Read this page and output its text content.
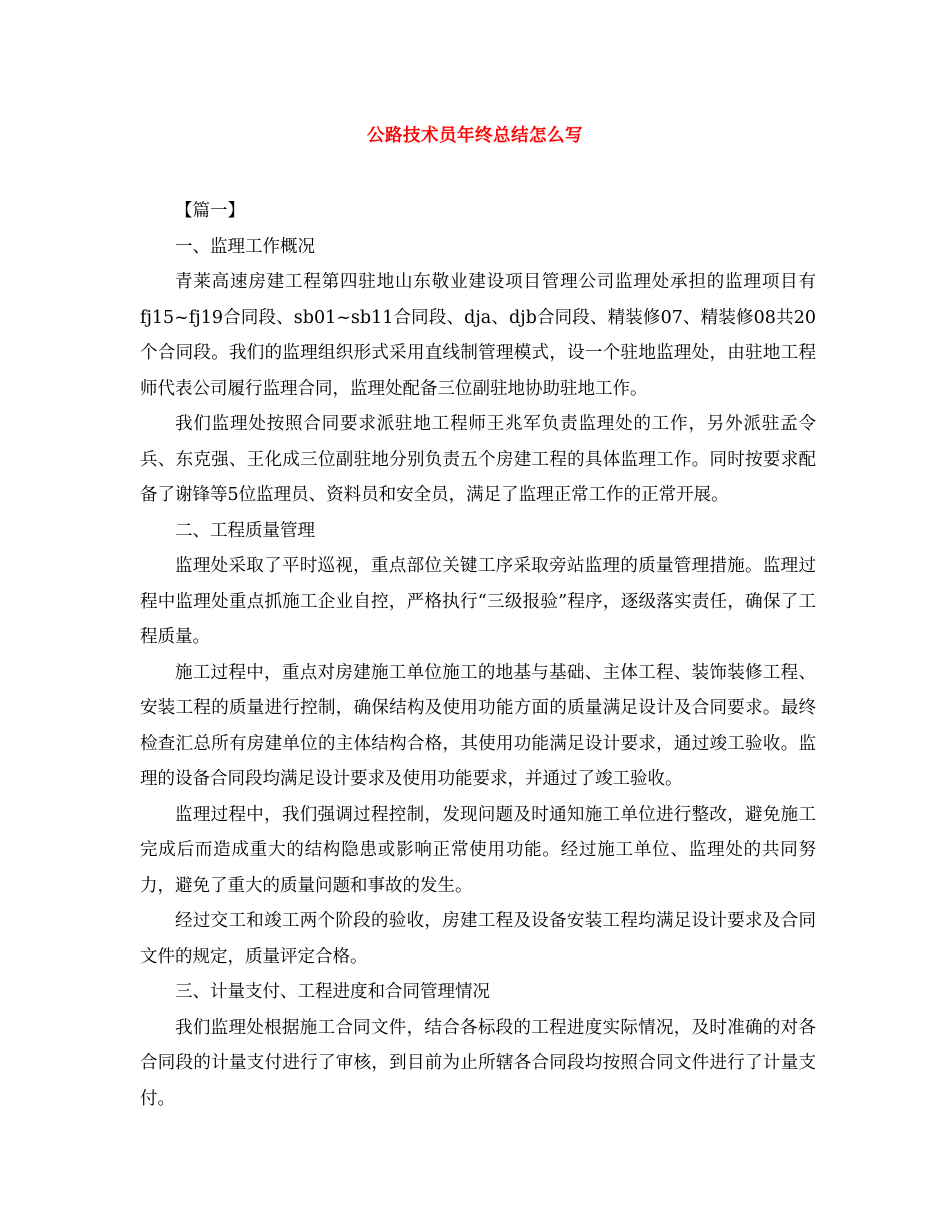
公路技术员年终总结怎么写

【篇一】

一、监理工作概况

青莱高速房建工程第四驻地山东敬业建设项目管理公司监理处承担的监理项目有fj15~fj19合同段、sb01~sb11合同段、dja、djb合同段、精装修07、精装修08共20个合同段。我们的监理组织形式采用直线制管理模式，设一个驻地监理处，由驻地工程师代表公司履行监理合同，监理处配备三位副驻地协助驻地工作。

我们监理处按照合同要求派驻地工程师王兆军负责监理处的工作，另外派驻孟令兵、东克强、王化成三位副驻地分别负责五个房建工程的具体监理工作。同时按要求配备了谢锋等5位监理员、资料员和安全员，满足了监理正常工作的正常开展。

二、工程质量管理

监理处采取了平时巡视，重点部位关键工序采取旁站监理的质量管理措施。监理过程中监理处重点抓施工企业自控，严格执行“三级报验”程序，逐级落实责任，确保了工程质量。

施工过程中，重点对房建施工单位施工的地基与基础、主体工程、装饰装修工程、安装工程的质量进行控制，确保结构及使用功能方面的质量满足设计及合同要求。最终检查汇总所有房建单位的主体结构合格，其使用功能满足设计要求，通过竣工验收。监理的设备合同段均满足设计要求及使用功能要求，并通过了竣工验收。

监理过程中，我们强调过程控制，发现问题及时通知施工单位进行整改，避免施工完成后而造成重大的结构隐患或影响正常使用功能。经过施工单位、监理处的共同努力，避免了重大的质量问题和事故的发生。

经过交工和竣工两个阶段的验收，房建工程及设备安装工程均满足设计要求及合同文件的规定，质量评定合格。

三、计量支付、工程进度和合同管理情况

我们监理处根据施工合同文件，结合各标段的工程进度实际情况，及时准确的对各合同段的计量支付进行了审核，到目前为止所辖各合同段均按照合同文件进行了计量支付。
